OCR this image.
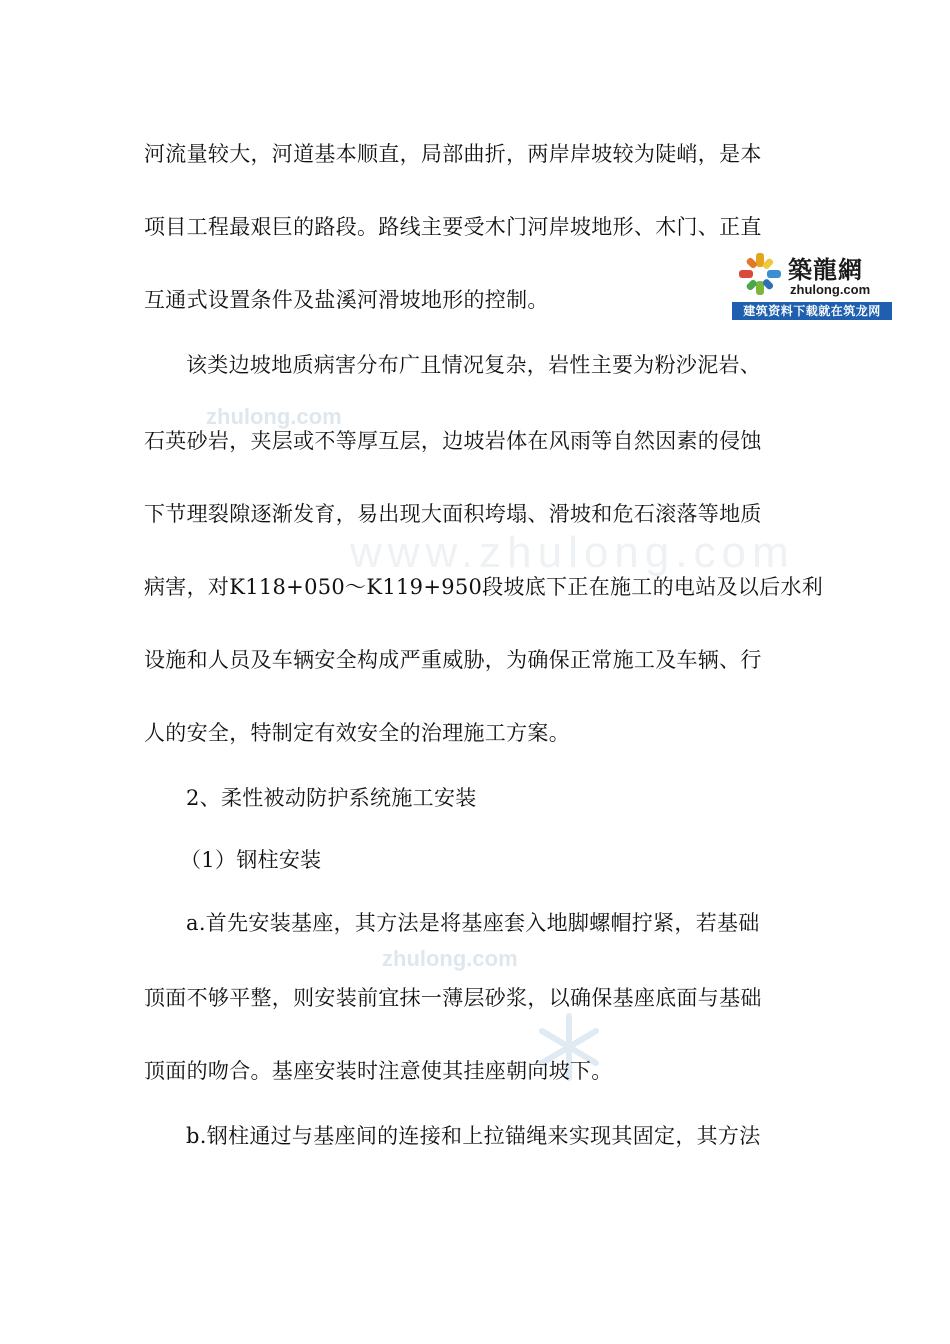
zhulong.com
www.zhulong.com
zhulong.com
河流量较大，河道基本顺直，局部曲折，两岸岸坡较为陡峭，是本
项目工程最艰巨的路段。路线主要受木门河岸坡地形、木门、正直
互通式设置条件及盐溪河滑坡地形的控制。
该类边坡地质病害分布广且情况复杂，岩性主要为粉沙泥岩、
石英砂岩，夹层或不等厚互层，边坡岩体在风雨等自然因素的侵蚀
下节理裂隙逐渐发育，易出现大面积垮塌、滑坡和危石滚落等地质
病害，对K118+050～K119+950段坡底下正在施工的电站及以后水利
设施和人员及车辆安全构成严重威胁，为确保正常施工及车辆、行
人的安全，特制定有效安全的治理施工方案。
2、柔性被动防护系统施工安装
（1）钢柱安装
a.首先安装基座，其方法是将基座套入地脚螺帽拧紧，若基础
顶面不够平整，则安装前宜抹一薄层砂浆，以确保基座底面与基础
顶面的吻合。基座安装时注意使其挂座朝向坡下。
b.钢柱通过与基座间的连接和上拉锚绳来实现其固定，其方法
築龍網
zhulong.com
建筑资料下载就在筑龙网
